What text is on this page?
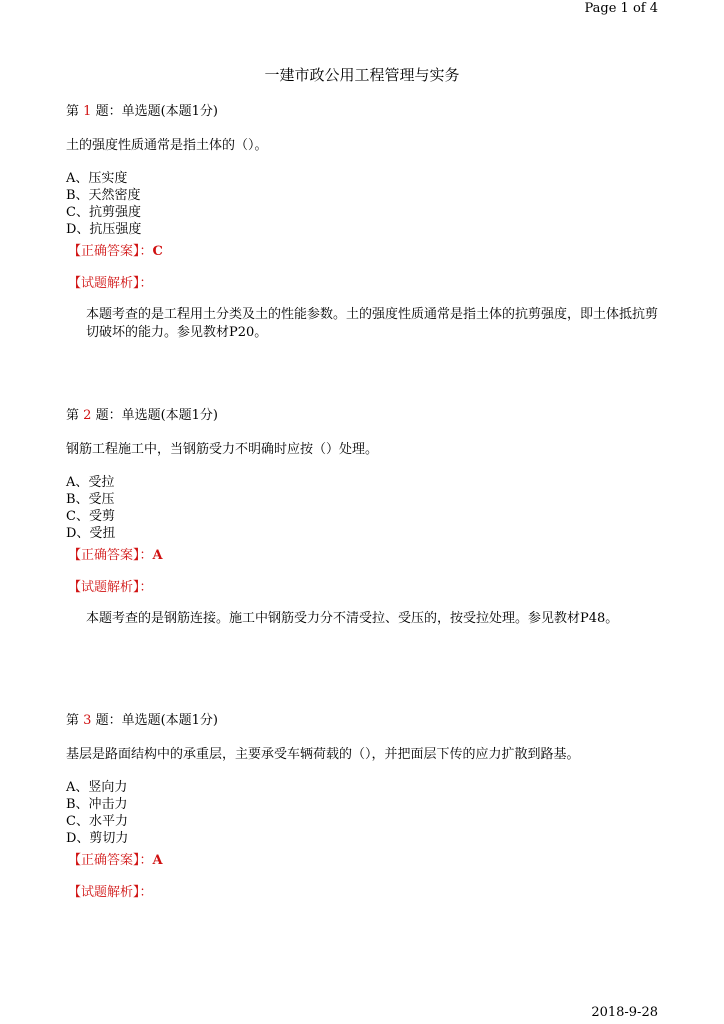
Page 1 of 4
一建市政公用工程管理与实务
第 1 题：单选题(本题1分)
土的强度性质通常是指土体的（）。
A、压实度
B、天然密度
C、抗剪强度
D、抗压强度
【正确答案】：C
【试题解析】：
本题考查的是工程用土分类及土的性能参数。土的强度性质通常是指土体的抗剪强度，即土体抵抗剪切破坏的能力。参见教材P20。
第 2 题：单选题(本题1分)
钢筋工程施工中，当钢筋受力不明确时应按（）处理。
A、受拉
B、受压
C、受剪
D、受扭
【正确答案】：A
【试题解析】：
本题考查的是钢筋连接。施工中钢筋受力分不清受拉、受压的，按受拉处理。参见教材P48。
第 3 题：单选题(本题1分)
基层是路面结构中的承重层，主要承受车辆荷载的（），并把面层下传的应力扩散到路基。
A、竖向力
B、冲击力
C、水平力
D、剪切力
【正确答案】：A
【试题解析】：
2018-9-28
